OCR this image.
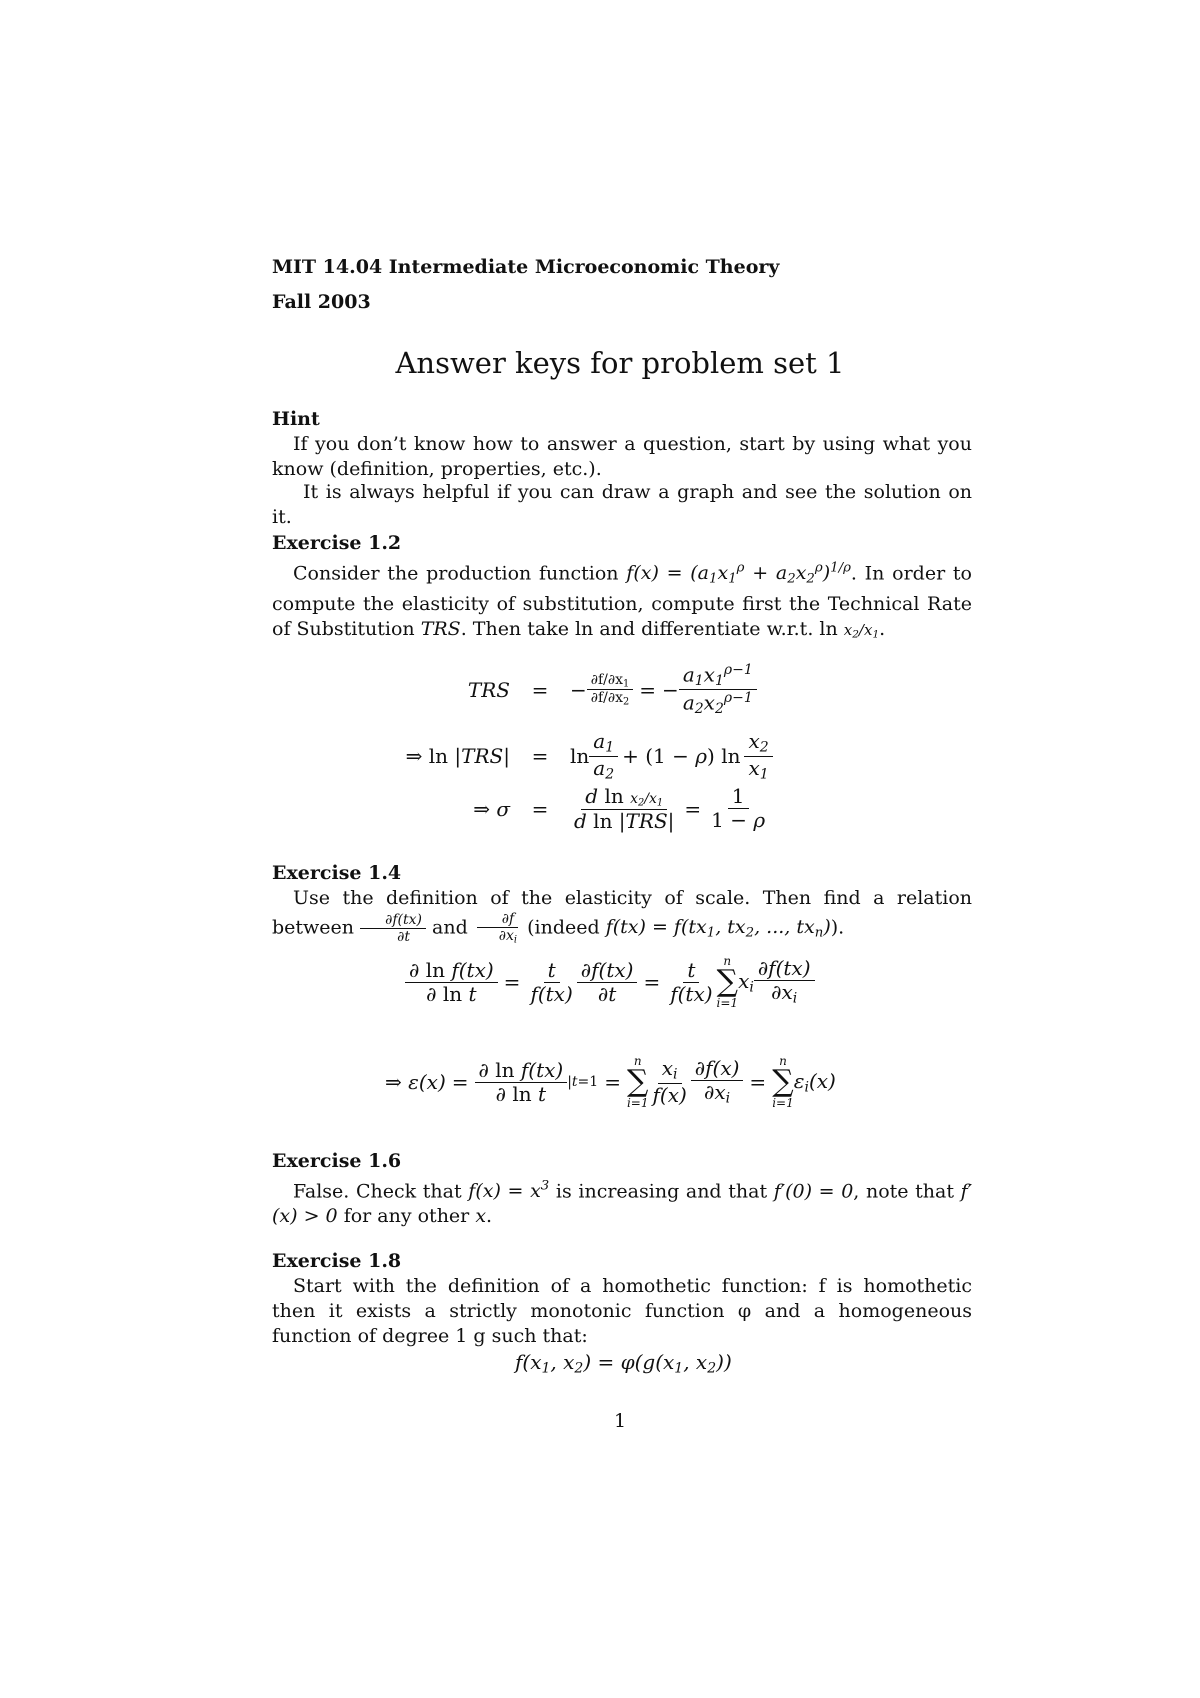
MIT 14.04 Intermediate Microeconomic Theory
Fall 2003
Answer keys for problem set 1
Hint
If you don’t know how to answer a question, start by using what you know (definition, properties, etc.).
It is always helpful if you can draw a graph and see the solution on it.
Exercise 1.2
Consider the production function $f(x) = (a_1x_1^\rho + a_2x_2^\rho)^{1/\rho}$. In order to compute the elasticity of substitution, compute first the Technical Rate of Substitution TRS. Then take ln and differentiate w.r.t. $\ln x_2/x_1$.
TRS	=	− $\frac{\partial f/\partial x_1}{\partial f/\partial x_2}$ = − $\frac{a_1x_1^{\rho-1}}{a_2x_2^{\rho-1}}$
⇒ ln |TRS|	=	$\ln \frac{a_1}{a_2} + (1 - \rho)$ $\ln \frac{x_2}{x_1}$
⇒ σ	=	$\frac{d \ln x_2/x_1}{\text{d ln |TRS|}} = \frac{1}{1 - \rho}$
Exercise 1.4
Use the definition of the elasticity of scale. Then find a relation between $\frac{\partial f(tx)}{\partial t}$ and $\frac{\partial f}{\partial x_i}$ (indeed $f(tx) = f(tx_1$, $tx_2$, ..., $tx_n$)).
$\frac{\text{∂ ln f(tx)}}{\text{∂ ln t}} = \frac{t}{f(tx)} \frac{\partial f(tx)}{\partial t} = \frac{t}{f(tx)}$ n
∑
i=1
$x_i \frac{\partial f(tx)}{\partial x_i}$
⇒ $\varepsilon(x) = \frac{\text{∂ ln f(tx)}}{\text{∂ ln t}} |t=1$ =
n
∑
$i=1 \frac{x_i}{f(x)} \frac{\partial f(x)}{\partial x_i}$ =
n
∑
i=1
$\varepsilon_i(x)$
Exercise 1.6
False. Check that $f(x) = x^3$ is increasing and that f′(0) = 0, note that f′(x) > 0 for any other x.
Exercise 1.8
Start with the definition of a homothetic function: f is homothetic then it exists a strictly monotonic function φ and a homogeneous function of degree 1 g such that:
$f(x_1$, $x_2) = \varphi(g(x_1$, $x_2$))
1
